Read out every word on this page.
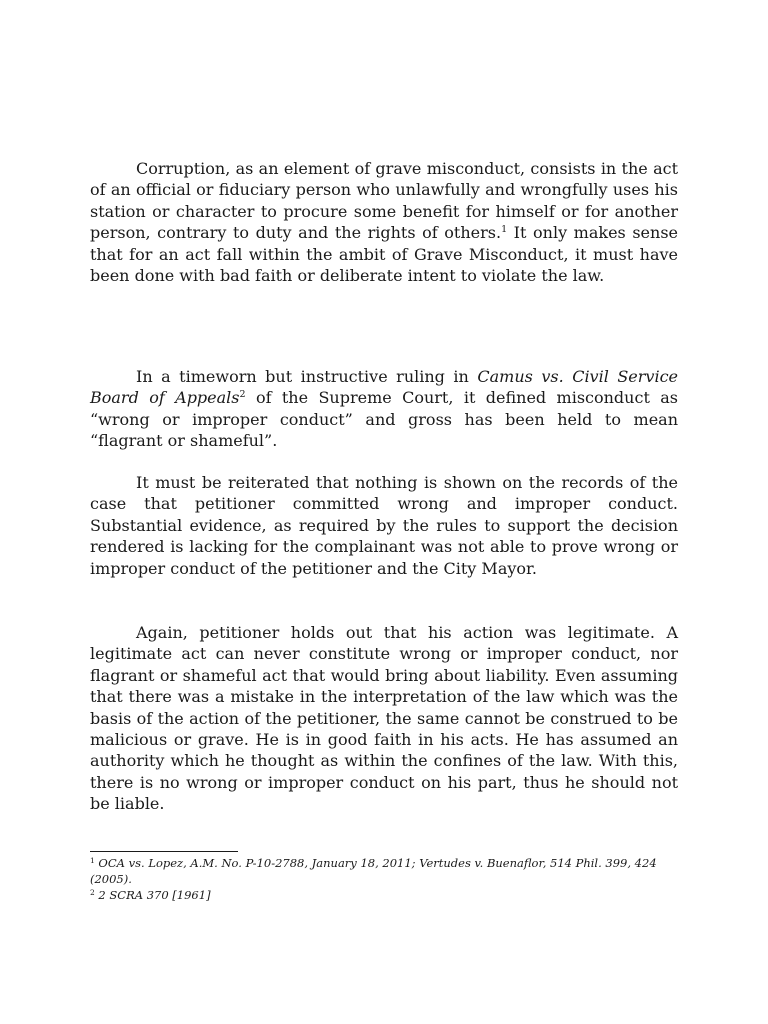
Corruption, as an element of grave misconduct, consists in the act of an official or fiduciary person who unlawfully and wrongfully uses his station or character to procure some benefit for himself or for another person, contrary to duty and the rights of others.$^1$ It only makes sense that for an act fall within the ambit of Grave Misconduct, it must have been done with bad faith or deliberate intent to violate the law.

In a timeworn but instructive ruling in Camus vs. Civil Service Board of Appeals$^2$ of the Supreme Court, it defined misconduct as “wrong or improper conduct” and gross has been held to mean “flagrant or shameful”.

It must be reiterated that nothing is shown on the records of the case that petitioner committed wrong and improper conduct. Substantial evidence, as required by the rules to support the decision rendered is lacking for the complainant was not able to prove wrong or improper conduct of the petitioner and the City Mayor.

Again, petitioner holds out that his action was legitimate. A legitimate act can never constitute wrong or improper conduct, nor flagrant or shameful act that would bring about liability. Even assuming that there was a mistake in the interpretation of the law which was the basis of the action of the petitioner, the same cannot be construed to be malicious or grave. He is in good faith in his acts. He has assumed an authority which he thought as within the confines of the law. With this, there is no wrong or improper conduct on his part, thus he should not be liable.

$^1$ OCA vs. Lopez, A.M. No. P-10-2788, January 18, 2011; Vertudes v. Buenaflor, 514 Phil. 399, 424 (2005).

$^2$ 2 SCRA 370 [1961]
